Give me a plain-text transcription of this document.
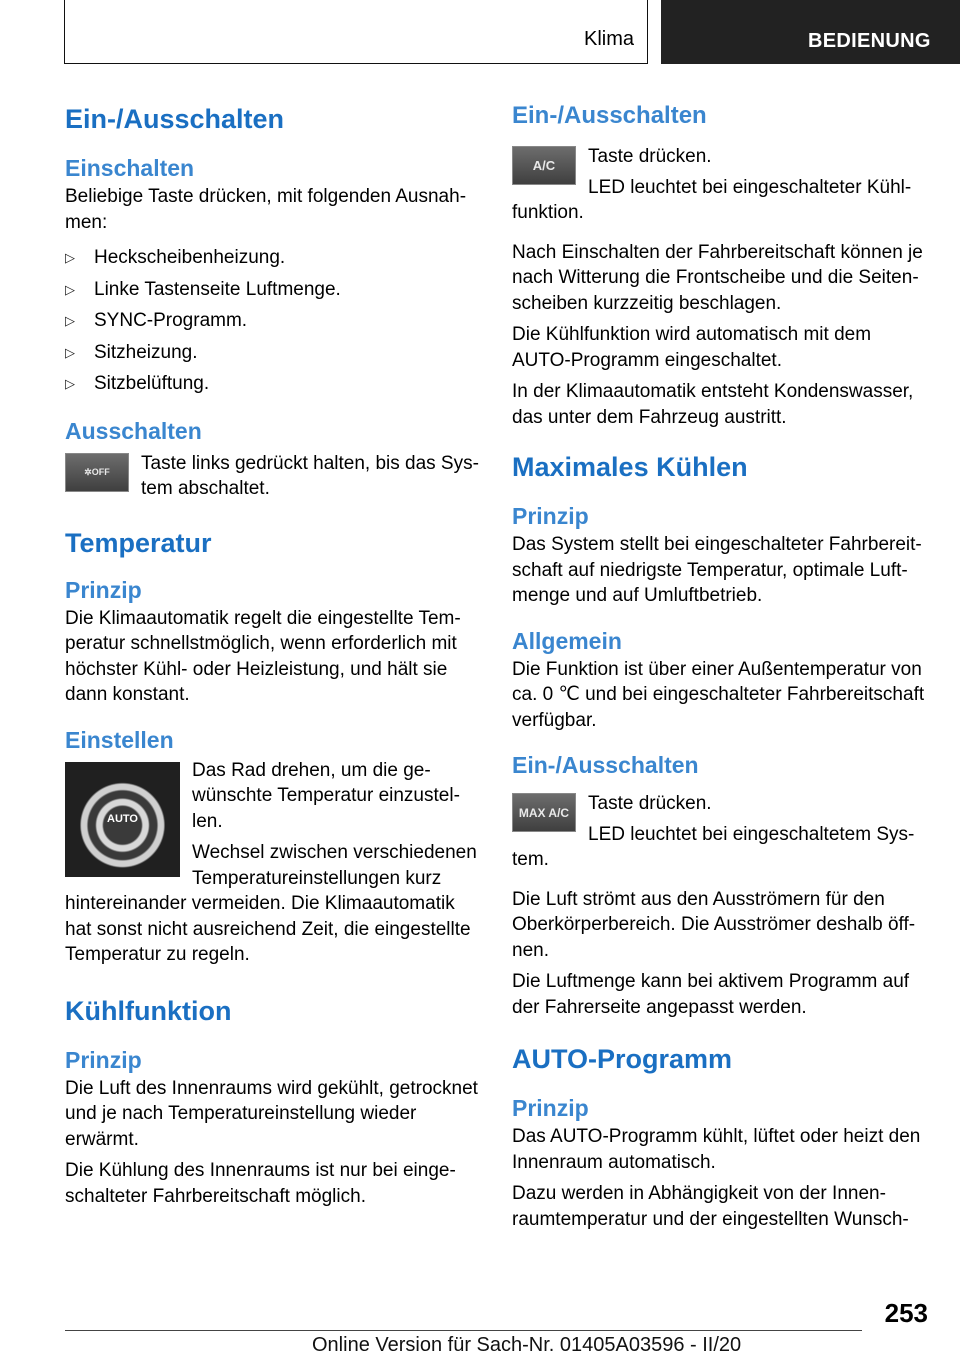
Klima	BEDIENUNG
Ein-/Ausschalten
Einschalten

Beliebige Taste drücken, mit folgenden Ausnahmen:

▷ Heckscheibenheizung.
▷ Linke Tastenseite Luftmenge.
▷ SYNC-Programm.
▷ Sitzheizung.
▷ Sitzbelüftung.
Ausschalten
✲ OFF	Taste links gedrückt halten, bis das System abschaltet.

Temperatur
Prinzip

Die Klimaautomatik regelt die eingestellte Temperatur schnellstmöglich, wenn erforderlich mit höchster Kühl- oder Heizleistung, und hält sie dann konstant.

Einstellen
AUTO

Das Rad drehen, um die gewünschte Temperatur einzustellen.

Wechsel zwischen verschiedenen Temperatureinstellungen kurz hintereinander vermeiden. Die Klimaautomatik hat sonst nicht ausreichend Zeit, die eingestellte Temperatur zu regeln.

Kühlfunktion
Prinzip

Die Luft des Innenraums wird gekühlt, getrocknet und je nach Temperatureinstellung wieder erwärmt.

Die Kühlung des Innenraums ist nur bei eingeschalteter Fahrbereitschaft möglich.

Ein-/Ausschalten
A/C	Taste drücken.

LED leuchtet bei eingeschalteter Kühlfunktion.

Nach Einschalten der Fahrbereitschaft können je nach Witterung die Frontscheibe und die Seitenscheiben kurzzeitig beschlagen.

Die Kühlfunktion wird automatisch mit dem AUTO-Programm eingeschaltet.

In der Klimaautomatik entsteht Kondenswasser, das unter dem Fahrzeug austritt.

Maximales Kühlen
Prinzip

Das System stellt bei eingeschalteter Fahrbereitschaft auf niedrigste Temperatur, optimale Luftmenge und auf Umluftbetrieb.

Allgemein

Die Funktion ist über einer Außentemperatur von ca. 0 ℃ und bei eingeschalteter Fahrbereitschaft verfügbar.

Ein-/Ausschalten
MAX A/C Taste drücken.

LED leuchtet bei eingeschaltetem System.

Die Luft strömt aus den Ausströmern für den Oberkörperbereich. Die Ausströmer deshalb öffnen.

Die Luftmenge kann bei aktivem Programm auf der Fahrerseite angepasst werden.

AUTO-Programm
Prinzip

Das AUTO-Programm kühlt, lüftet oder heizt den Innenraum automatisch.

Dazu werden in Abhängigkeit von der Innenraumtemperatur und der eingestellten Wunsch-

253
Online Version für Sach-Nr. 01405A03596 - II/20
